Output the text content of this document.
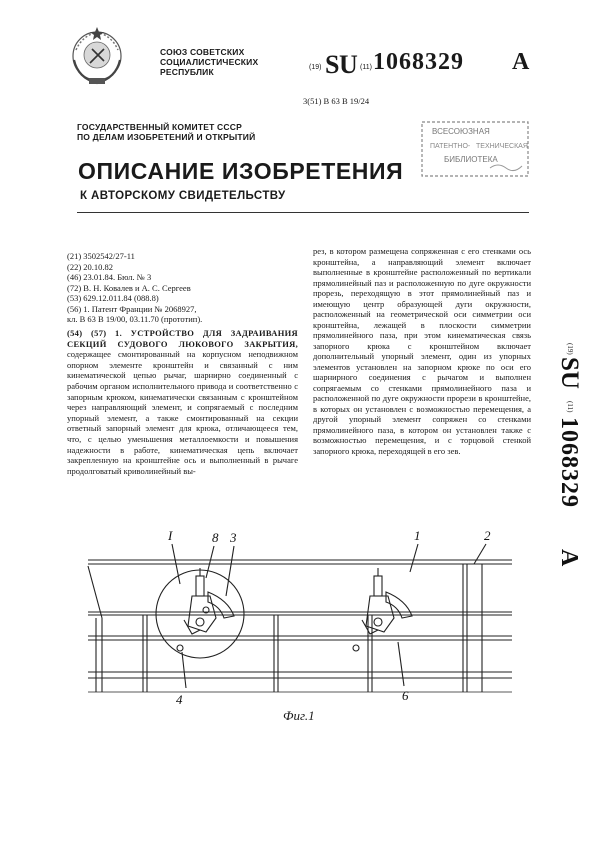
СОЮЗ СОВЕТСКИХ
СОЦИАЛИСТИЧЕСКИХ
РЕСПУБЛИК	(19) SU (11) 1068329 A
3(51) В 63 В 19/24
ВСЕСОЮЗНАЯ
ПАТЕНТНО- ТЕХНИЧЕСКАЯ
БИБЛИОТЕКА
ГОСУДАРСТВЕННЫЙ КОМИТЕТ СССР
ПО ДЕЛАМ ИЗОБРЕТЕНИЙ И ОТКРЫТИЙ
ОПИСАНИЕ ИЗОБРЕТЕНИЯ
К АВТОРСКОМУ СВИДЕТЕЛЬСТВУ
(21) 3502542/27-11
(22) 20.10.82
(46) 23.01.84. Бюл. № 3
(72) В. Н. Ковалев и А. С. Сергеев
(53) 629.12.011.84 (088.8)
(56) 1. Патент Франции № 2068927,
кл. В 63 В 19/00, 03.11.70 (прототип).
(54) (57) 1. УСТРОЙСТВО ДЛЯ ЗАДРАИВАНИЯ СЕКЦИЙ СУДОВОГО ЛЮКОВОГО ЗАКРЫТИЯ, содержащее смонтированный на корпусном неподвижном опорном элементе кронштейн и связанный с ним кинематической цепью рычаг, шарнирно соединенный с рабочим органом исполнительного привода и соответственно с запорным крюком, кинематически связанным с кронштейном через направляющий элемент, и сопрягаемый с последним упорный элемент, а также смонтированный на секции ответный запорный элемент для крюка, отличающееся тем, что, с целью уменьшения металлоемкости и повышения надежности в работе, кинематическая цепь включает закрепленную на кронштейне ось и выполненный в рычаге продолговатый криволинейный вы-
рез, в котором размещена сопряженная с его стенками ось кронштейна, а направляющий элемент включает выполненные в кронштейне расположенный по вертикали прямолинейный паз и расположенную по дуге окружности прорезь, переходящую в этот прямолинейный паз и имеющую центр образующей дуги окружности, расположенный на геометрической оси симметрии оси кронштейна, лежащей в плоскости симметрии прямолинейного паза, при этом кинематическая связь запорного крюка с кронштейном включает дополнительный упорный элемент, один из упорных элементов установлен на запорном крюке по оси его шарнирного соединения с рычагом и выполнен сопрягаемым со стенками прямолинейного паза и расположенной по дуге окружности прорези в кронштейне, в которых он установлен с возможностью перемещения, а другой упорный элемент сопряжен со стенками прямолинейного паза, в котором он установлен также с возможностью перемещения, и с торцовой стенкой запорного крюка, переходящей в его зев.
(19)
SU
(11)
1068329
A
I	8 3	1	2
4	6
Фиг.1
